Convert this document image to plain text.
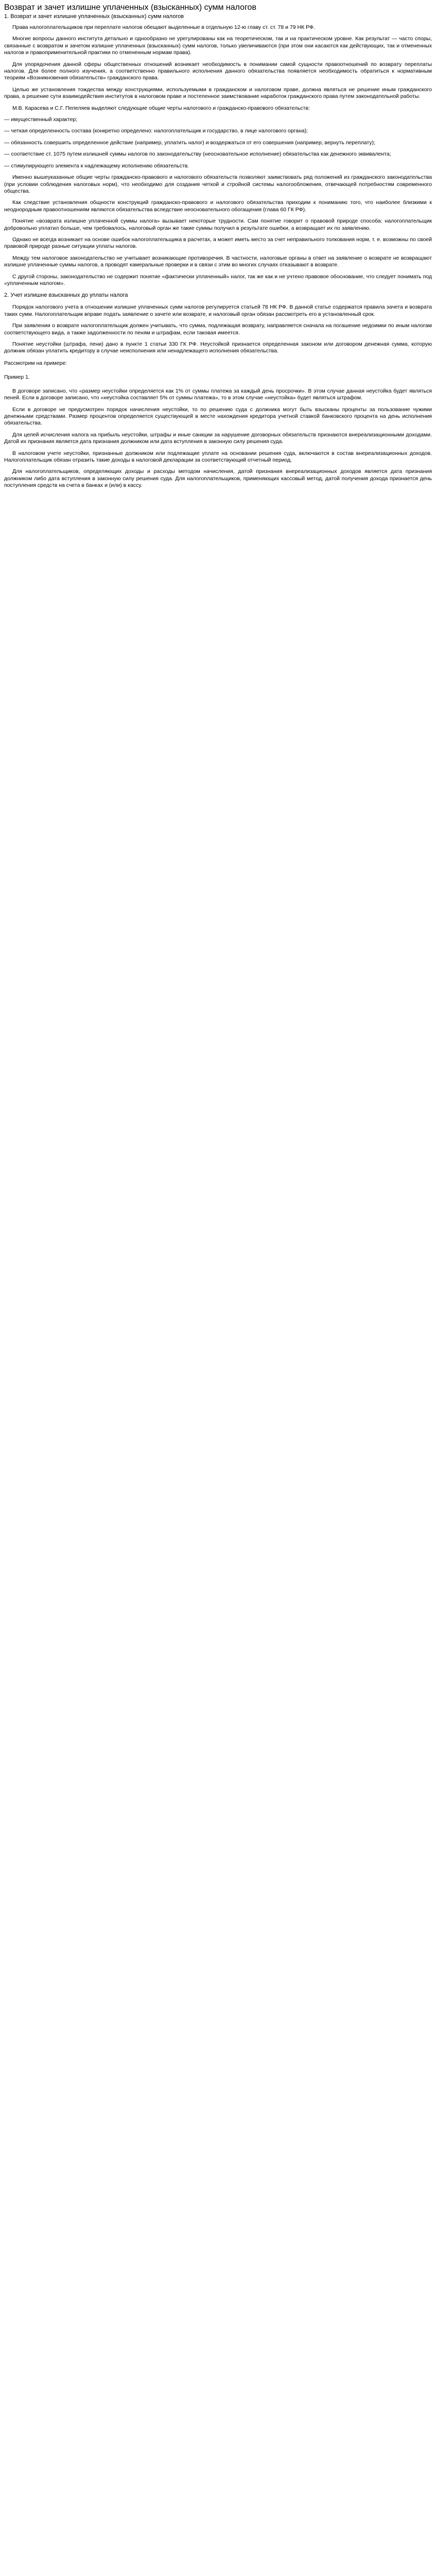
Возврат и зачет излишне уплаченных (взысканных) сумм налогов
1. Возврат и зачет излишне уплаченных (взысканных) сумм налогов

Права налогоплательщиков при переплате налогов обещают выделенные в отдельную 12-ю главу ст. ст. 78 и 79 НК РФ.

Многие вопросы данного института детально и однообразно не урегулированы как на теоретическом, так и на практическом уровне. Как результат — часто споры, связанные с возвратом и зачетом излишне уплаченных (взысканных) сумм налогов, только увеличиваются (при этом они касаются как действующих, так и отмененных налогов и правоприменительной практики по отмененным нормам права).

Для упорядочения данной сферы общественных отношений возникает необходимость в понимании самой сущности правоотношений по возврату переплаты налогов. Для более полного изучения, а соответственно правильного исполнения данного обязательства появляется необходимость обратиться к нормативным теориям «Возникновения обязательств» гражданского права.

Целью же установления тождества между конструкциями, используемыми в гражданском и налоговом праве, должна являться не решение иным гражданского права, а решение сути взаимодействия институтов в налоговом праве и постепенное заимствование наработок гражданского права путем законодательной работы.

М.В. Карасева и С.Г. Пепеляев выделяют следующие общие черты налогового и гражданско-правового обязательств:

— имущественный характер;

— четкая определенность состава (конкретно определено: налогоплательщик и государство, в лице налогового органа);

— обязанность совершить определенное действие (например, уплатить налог) и воздержаться от его совершения (например, вернуть переплату);

— соответствие ст. 1075 путем излишней суммы налогов по законодательству (неосновательное исполнение) обязательства как денежного эквивалента;

— стимулирующего элемента к надлежащему исполнению обязательств.

Именно вышеуказанные общие черты гражданско-правового и налогового обязательств позволяют заимствовать ряд положений из гражданского законодательства (при условии соблюдения налоговых норм), что необходимо для создания четкой и стройной системы налогообложения, отвечающей потребностям современного общества.

Как следствие установления общности конструкций гражданско-правового и налогового обязательства приходим к пониманию того, что наиболее близкими к неоднородным правоотношениям являются обязательства вследствие неосновательного обогащения (глава 60 ГК РФ).

Понятие «возврата излишне уплаченной суммы налога» вызывает некоторые трудности. Сам понятие говорит о правовой природе способа: налогоплательщик добровольно уплатил больше, чем требовалось, налоговый орган же такие суммы получил в результате ошибки, а возвращает их по заявлению.

Однако не всегда возникает на основе ошибок налогоплательщика в расчетах, а может иметь место за счет неправильного толкования норм, т. е. возможны по своей правовой природе разные ситуации уплаты налогов.

Между тем налоговое законодательство не учитывает возникающие противоречия. В частности, налоговые органы в ответ на заявление о возврате не возвращают излишне уплаченные суммы налогов, а проводят камеральные проверки и в связи с этим во многих случаях отказывают в возврате.

С другой стороны, законодательство не содержит понятие «фактически уплаченный» налог, так же как и не учтено правовое обоснование, что следует понимать под «уплаченным налогом».

2. Учет излишне взысканных до уплаты налога

Порядок налогового учета в отношении излишне уплаченных сумм налогов регулируется статьей 78 НК РФ. В данной статье содержатся правила зачета и возврата таких сумм. Налогоплательщик вправе подать заявление о зачете или возврате, и налоговый орган обязан рассмотреть его в установленный срок.

При заявлении о возврате налогоплательщик должен учитывать, что сумма, подлежащая возврату, направляется сначала на погашение недоимки по иным налогам соответствующего вида, а также задолженности по пеням и штрафам, если таковая имеется.

Понятие неустойки (штрафа, пени) дано в пункте 1 статьи 330 ГК РФ. Неустойкой признается определенная законом или договором денежная сумма, которую должник обязан уплатить кредитору в случае неисполнения или ненадлежащего исполнения обязательства.

Рассмотрим на примере:

Пример 1.

В договоре записано, что «размер неустойки определяется как 1% от суммы платежа за каждый день просрочки». В этом случае данная неустойка будет являться пеней. Если в договоре записано, что «неустойка составляет 5% от суммы платежа», то в этом случае «неустойка» будет являться штрафом.

Если в договоре не предусмотрен порядок начисления неустойки, то по решению суда с должника могут быть взысканы проценты за пользование чужими денежными средствами. Размер процентов определяется существующей в месте нахождения кредитора учетной ставкой банковского процента на день исполнения обязательства.

Для целей исчисления налога на прибыль неустойки, штрафы и иные санкции за нарушение договорных обязательств признаются внереализационными доходами. Датой их признания является дата признания должником или дата вступления в законную силу решения суда.

В налоговом учете неустойки, признанные должником или подлежащие уплате на основании решения суда, включаются в состав внереализационных доходов. Налогоплательщик обязан отразить такие доходы в налоговой декларации за соответствующий отчетный период.

Для налогоплательщиков, определяющих доходы и расходы методом начисления, датой признания внереализационных доходов является дата признания должником либо дата вступления в законную силу решения суда. Для налогоплательщиков, применяющих кассовый метод, датой получения дохода признается день поступления средств на счета в банках и (или) в кассу.
